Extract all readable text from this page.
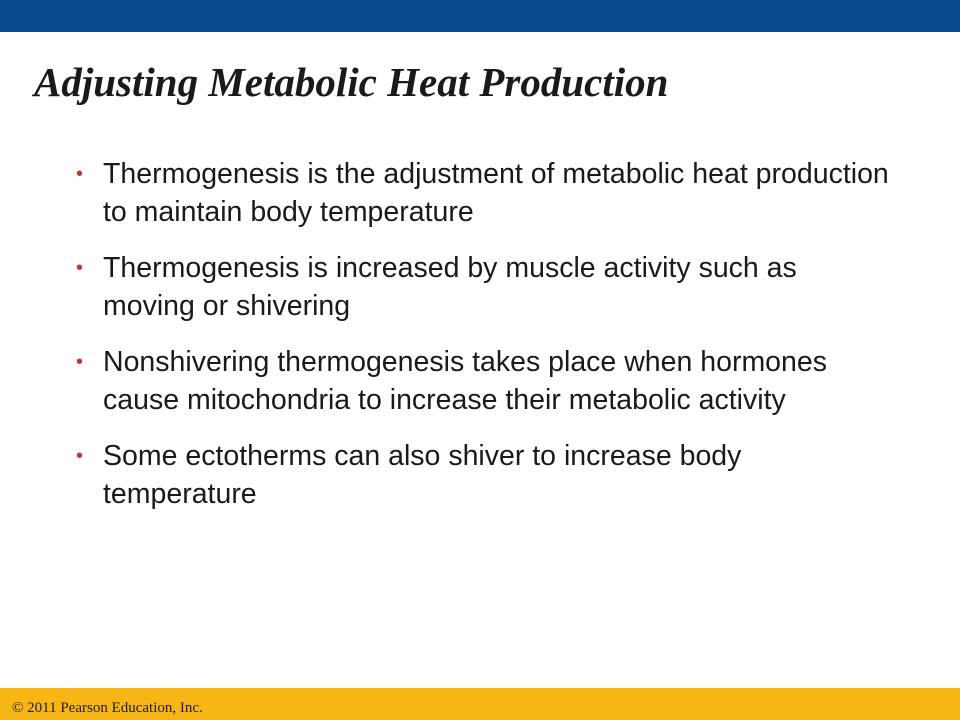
Adjusting Metabolic Heat Production
• Thermogenesis is the adjustment of metabolic heat production to maintain body temperature
• Thermogenesis is increased by muscle activity such as moving or shivering
• Nonshivering thermogenesis takes place when hormones cause mitochondria to increase their metabolic activity
• Some ectotherms can also shiver to increase body temperature
© 2011 Pearson Education, Inc.
